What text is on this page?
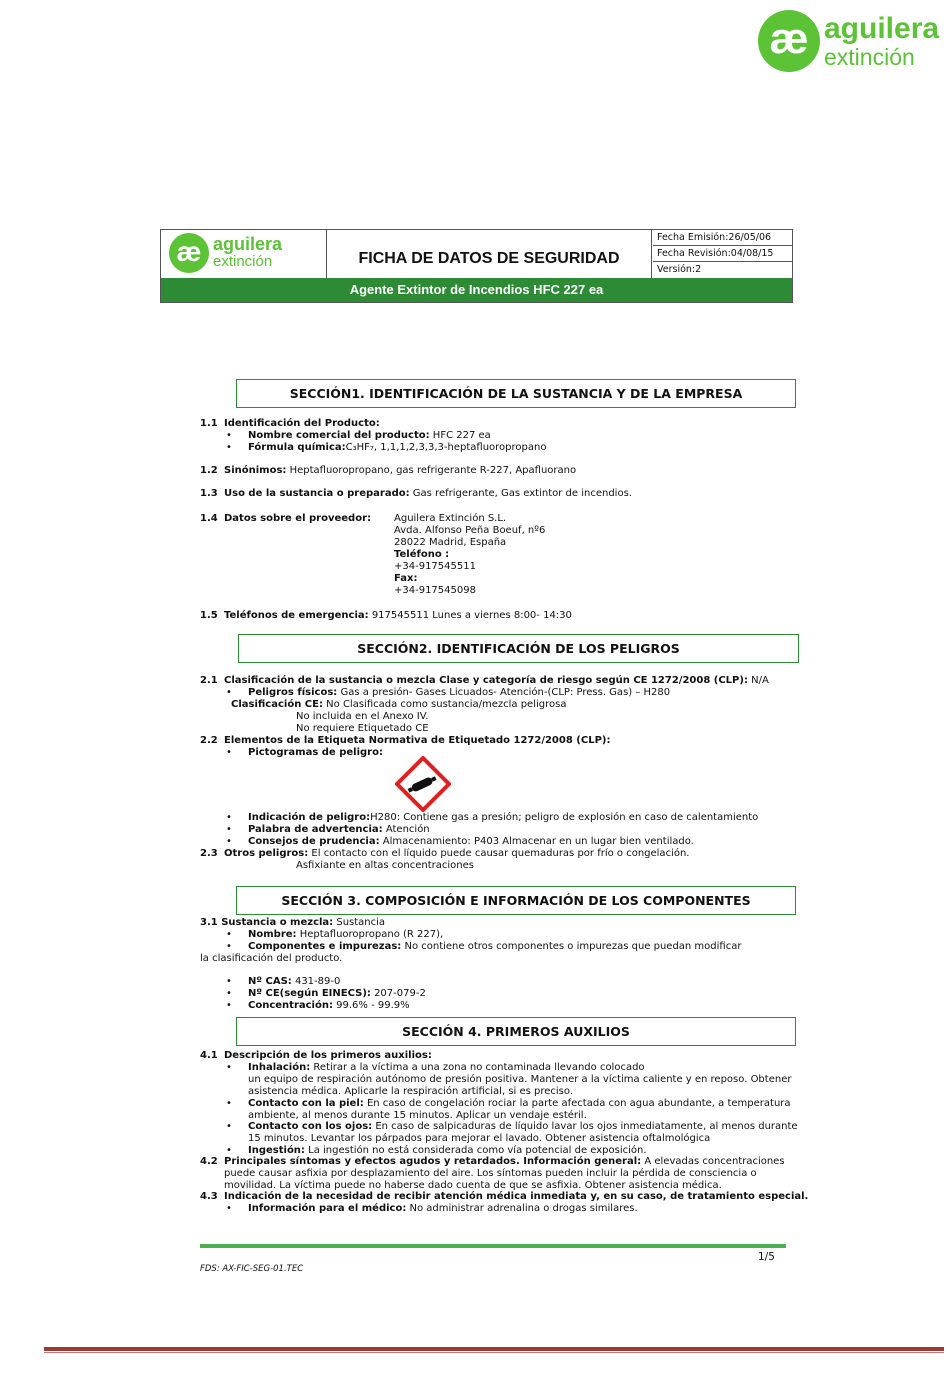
æ aguilera
extinción
æ aguilera
extinción	FICHA DE DATOS DE SEGURIDAD
Fecha Emisión:26/05/06
Fecha Revisión:04/08/15
Versión:2
Agente Extintor de Incendios HFC 227 ea
SECCIÓN1. IDENTIFICACIÓN DE LA SUSTANCIA Y DE LA EMPRESA
1.1 Identificación del Producto:
• Nombre comercial del producto: HFC 227 ea
• Fórmula química:C₃HF₇, 1,1,1,2,3,3,3-heptafluoropropano
1.2 Sinónimos: Heptafluoropropano, gas refrigerante R-227, Apafluorano
1.3 Uso de la sustancia o preparado: Gas refrigerante, Gas extintor de incendios.
1.4 Datos sobre el proveedor: Aguilera Extinción S.L.
Avda. Alfonso Peña Boeuf, nº6
28022 Madrid, España
Teléfono :
+34-917545511
Fax:
+34-917545098
1.5 Teléfonos de emergencia: 917545511 Lunes a viernes 8:00- 14:30
SECCIÓN2. IDENTIFICACIÓN DE LOS PELIGROS
2.1 Clasificación de la sustancia o mezcla Clase y categoría de riesgo según CE 1272/2008 (CLP): N/A
• Peligros físicos: Gas a presión- Gases Licuados- Atención-(CLP: Press. Gas) – H280
Clasificación CE: No Clasificada como sustancia/mezcla peligrosa
No incluida en el Anexo IV.
No requiere Etiquetado CE
2.2 Elementos de la Etiqueta Normativa de Etiquetado 1272/2008 (CLP):
• Pictogramas de peligro:
• Indicación de peligro:H280: Contiene gas a presión; peligro de explosión en caso de calentamiento
• Palabra de advertencia: Atención
• Consejos de prudencia: Almacenamiento: P403 Almacenar en un lugar bien ventilado.
2.3 Otros peligros: El contacto con el líquido puede causar quemaduras por frío o congelación.
Asfixiante en altas concentraciones
SECCIÓN 3. COMPOSICIÓN E INFORMACIÓN DE LOS COMPONENTES
3.1 Sustancia o mezcla: Sustancia
• Nombre: Heptafluoropropano (R 227),
• Componentes e impurezas: No contiene otros componentes o impurezas que puedan modificar
la clasificación del producto.
• Nº CAS: 431-89-0
• Nº CE(según EINECS): 207-079-2
• Concentración: 99.6% - 99.9%
SECCIÓN 4. PRIMEROS AUXILIOS
4.1 Descripción de los primeros auxilios:
• Inhalación: Retirar a la víctima a una zona no contaminada llevando colocado
un equipo de respiración autónomo de presión positiva. Mantener a la víctima caliente y en reposo. Obtener
asistencia médica. Aplicarle la respiración artificial, si es preciso.
• Contacto con la piel: En caso de congelación rociar la parte afectada con agua abundante, a temperatura
ambiente, al menos durante 15 minutos. Aplicar un vendaje estéril.
• Contacto con los ojos: En caso de salpicaduras de líquido lavar los ojos inmediatamente, al menos durante
15 minutos. Levantar los párpados para mejorar el lavado. Obtener asistencia oftalmológica
• Ingestión: La ingestión no está considerada como vía potencial de exposición.
4.2 Principales síntomas y efectos agudos y retardados. Información general: A elevadas concentraciones
puede causar asfixia por desplazamiento del aire. Los síntomas pueden incluir la pérdida de consciencia o
movilidad. La víctima puede no haberse dado cuenta de que se asfixia. Obtener asistencia médica.
4.3 Indicación de la necesidad de recibir atención médica inmediata y, en su caso, de tratamiento especial.
• Información para el médico: No administrar adrenalina o drogas similares.
1/5
FDS: AX-FIC-SEG-01.TEC
